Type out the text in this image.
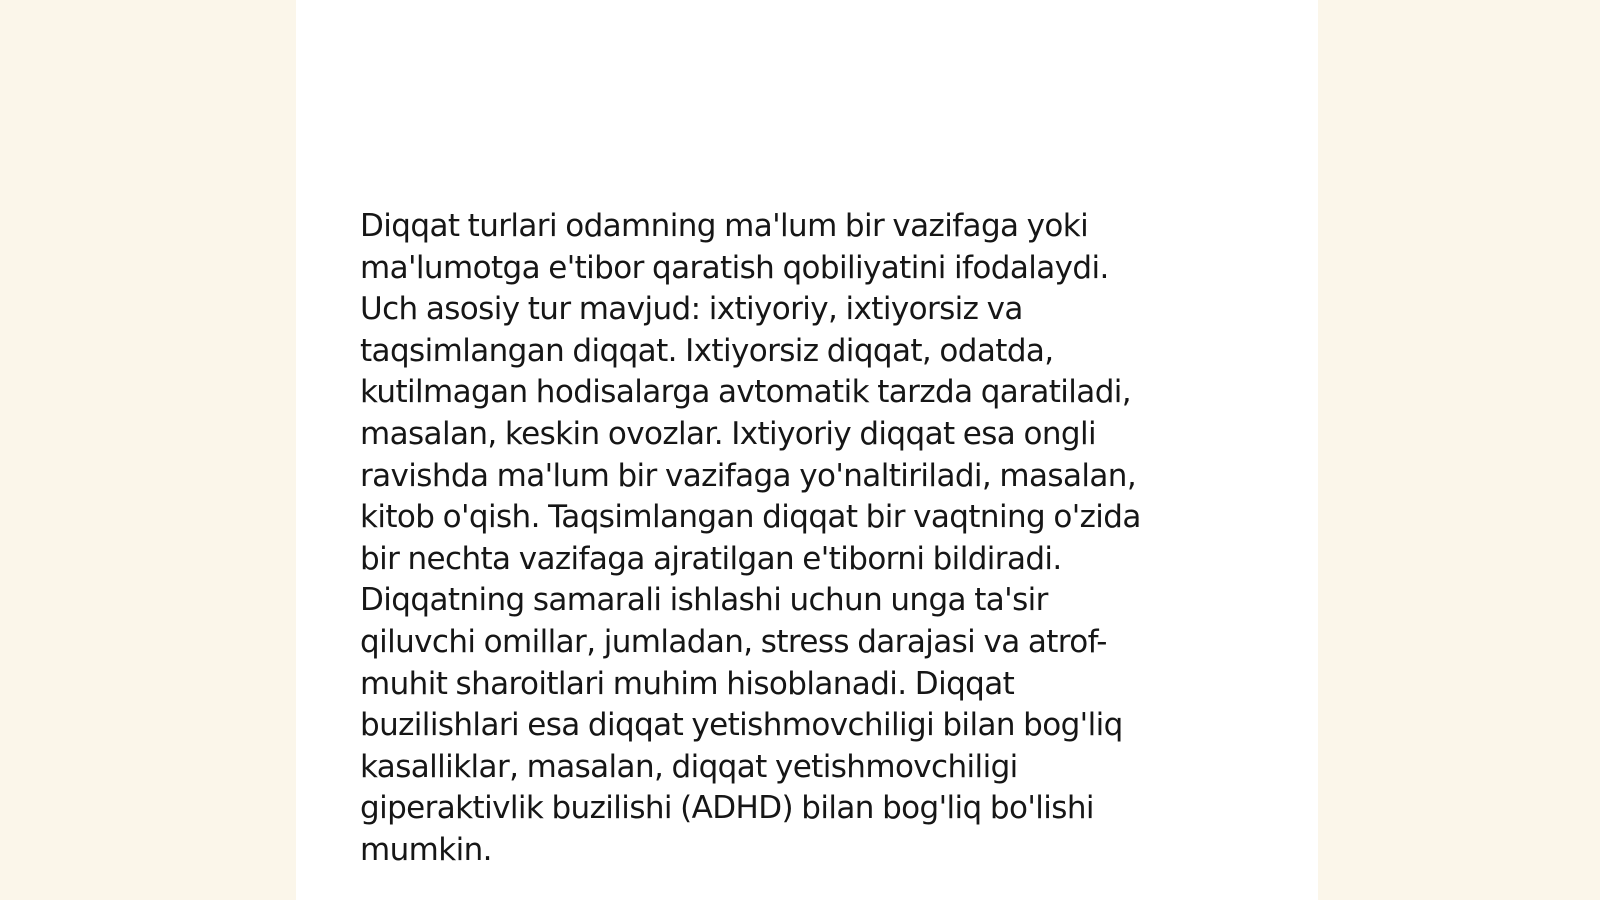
Diqqat turlari odamning ma'lum bir vazifaga yoki
ma'lumotga e'tibor qaratish qobiliyatini ifodalaydi.
Uch asosiy tur mavjud: ixtiyoriy, ixtiyorsiz va
taqsimlangan diqqat. Ixtiyorsiz diqqat, odatda,
kutilmagan hodisalarga avtomatik tarzda qaratiladi,
masalan, keskin ovozlar. Ixtiyoriy diqqat esa ongli
ravishda ma'lum bir vazifaga yo'naltiriladi, masalan,
kitob o'qish. Taqsimlangan diqqat bir vaqtning o'zida
bir nechta vazifaga ajratilgan e'tiborni bildiradi.
Diqqatning samarali ishlashi uchun unga ta'sir
qiluvchi omillar, jumladan, stress darajasi va atrof-
muhit sharoitlari muhim hisoblanadi. Diqqat
buzilishlari esa diqqat yetishmovchiligi bilan bog'liq
kasalliklar, masalan, diqqat yetishmovchiligi
giperaktivlik buzilishi (ADHD) bilan bog'liq bo'lishi
mumkin.
